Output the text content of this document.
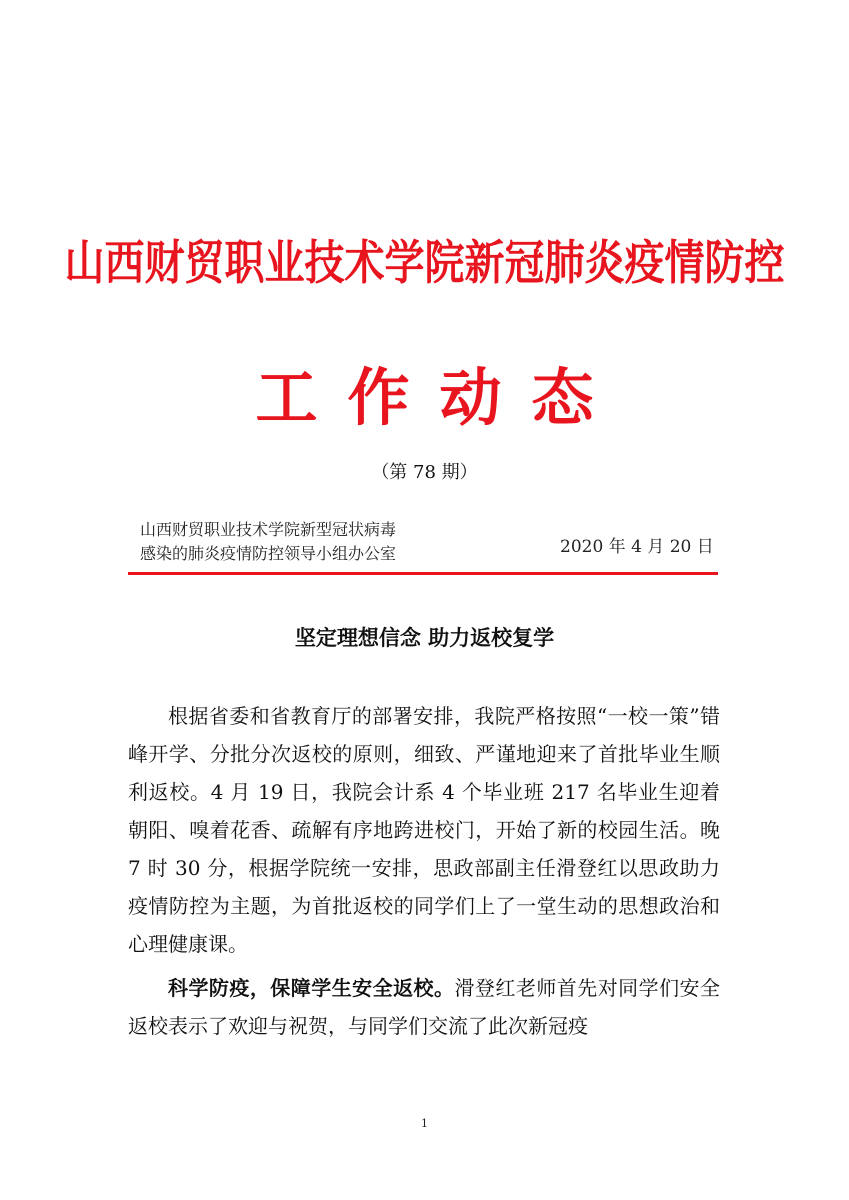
山西财贸职业技术学院新冠肺炎疫情防控
工作动态
（第 78 期）
山西财贸职业技术学院新型冠状病毒
感染的肺炎疫情防控领导小组办公室	2020 年 4 月 20 日
坚定理想信念 助力返校复学

根据省委和省教育厅的部署安排，我院严格按照“一校一策”错峰开学、分批分次返校的原则，细致、严谨地迎来了首批毕业生顺利返校。4 月 19 日，我院会计系 4 个毕业班 217 名毕业生迎着朝阳、嗅着花香、疏解有序地跨进校门，开始了新的校园生活。晚 7 时 30 分，根据学院统一安排，思政部副主任滑登红以思政助力疫情防控为主题，为首批返校的同学们上了一堂生动的思想政治和心理健康课。

科学防疫，保障学生安全返校。滑登红老师首先对同学们安全返校表示了欢迎与祝贺，与同学们交流了此次新冠疫

1
